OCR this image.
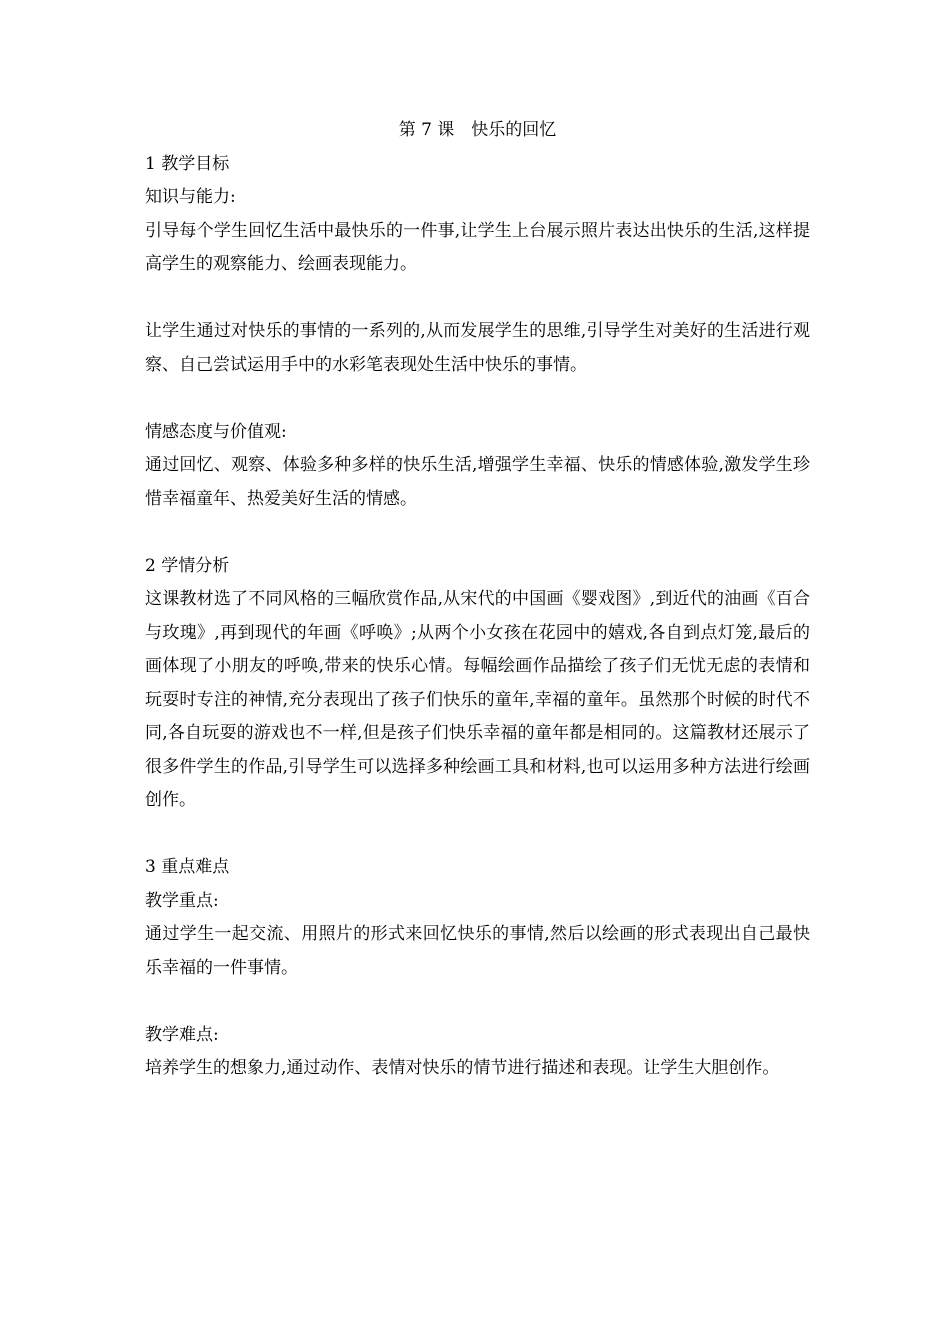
第 7 课　快乐的回忆
1 教学目标
知识与能力:

引导每个学生回忆生活中最快乐的一件事,让学生上台展示照片表达出快乐的生活,这样提高学生的观察能力、绘画表现能力。

让学生通过对快乐的事情的一系列的,从而发展学生的思维,引导学生对美好的生活进行观察、自己尝试运用手中的水彩笔表现处生活中快乐的事情。

情感态度与价值观:

通过回忆、观察、体验多种多样的快乐生活,增强学生幸福、快乐的情感体验,激发学生珍惜幸福童年、热爱美好生活的情感。

2 学情分析

这课教材选了不同风格的三幅欣赏作品,从宋代的中国画《婴戏图》,到近代的油画《百合与玫瑰》,再到现代的年画《呼唤》;从两个小女孩在花园中的嬉戏,各自到点灯笼,最后的画体现了小朋友的呼唤,带来的快乐心情。每幅绘画作品描绘了孩子们无忧无虑的表情和玩耍时专注的神情,充分表现出了孩子们快乐的童年,幸福的童年。虽然那个时候的时代不同,各自玩耍的游戏也不一样,但是孩子们快乐幸福的童年都是相同的。这篇教材还展示了很多件学生的作品,引导学生可以选择多种绘画工具和材料,也可以运用多种方法进行绘画创作。

3 重点难点
教学重点:

通过学生一起交流、用照片的形式来回忆快乐的事情,然后以绘画的形式表现出自己最快乐幸福的一件事情。

教学难点:

培养学生的想象力,通过动作、表情对快乐的情节进行描述和表现。让学生大胆创作。
